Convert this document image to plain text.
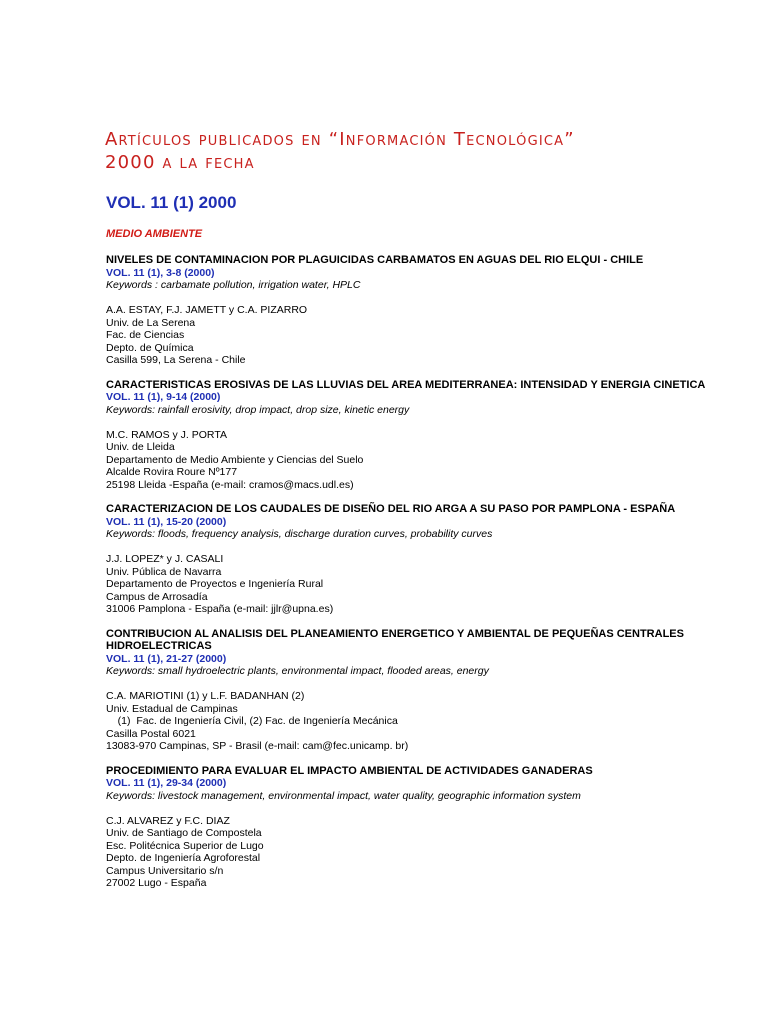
Artículos publicados en “Información Tecnológica”
2000 a la fecha
VOL. 11 (1) 2000
MEDIO AMBIENTE
NIVELES DE CONTAMINACION POR PLAGUICIDAS CARBAMATOS EN AGUAS DEL RIO ELQUI - CHILE
VOL. 11 (1), 3-8 (2000)
Keywords : carbamate pollution, irrigation water, HPLC
A.A. ESTAY, F.J. JAMETT y C.A. PIZARRO
Univ. de La Serena
Fac. de Ciencias
Depto. de Química
Casilla 599, La Serena - Chile
CARACTERISTICAS EROSIVAS DE LAS LLUVIAS DEL AREA MEDITERRANEA: INTENSIDAD Y ENERGIA CINETICA
VOL. 11 (1), 9-14 (2000)
Keywords: rainfall erosivity, drop impact, drop size, kinetic energy
M.C. RAMOS y J. PORTA
Univ. de Lleida
Departamento de Medio Ambiente y Ciencias del Suelo
Alcalde Rovira Roure Nº177
25198 Lleida -España (e-mail: cramos@macs.udl.es)
CARACTERIZACION DE LOS CAUDALES DE DISEÑO DEL RIO ARGA A SU PASO POR PAMPLONA - ESPAÑA
VOL. 11 (1), 15-20 (2000)
Keywords: floods, frequency analysis, discharge duration curves, probability curves
J.J. LOPEZ* y J. CASALI
Univ. Pública de Navarra
Departamento de Proyectos e Ingeniería Rural
Campus de Arrosadía
31006 Pamplona - España (e-mail: jjlr@upna.es)
CONTRIBUCION AL ANALISIS DEL PLANEAMIENTO ENERGETICO Y AMBIENTAL DE PEQUEÑAS CENTRALES HIDROELECTRICAS
VOL. 11 (1), 21-27 (2000)
Keywords: small hydroelectric plants, environmental impact, flooded areas, energy
C.A. MARIOTINI (1) y L.F. BADANHAN (2)
Univ. Estadual de Campinas
(1)  Fac. de Ingeniería Civil, (2) Fac. de Ingeniería Mecánica
Casilla Postal 6021
13083-970 Campinas, SP - Brasil (e-mail: cam@fec.unicamp. br)
PROCEDIMIENTO PARA EVALUAR EL IMPACTO AMBIENTAL DE ACTIVIDADES GANADERAS
VOL. 11 (1), 29-34 (2000)
Keywords: livestock management, environmental impact, water quality, geographic information system
C.J. ALVAREZ y F.C. DIAZ
Univ. de Santiago de Compostela
Esc. Politécnica Superior de Lugo
Depto. de Ingeniería Agroforestal
Campus Universitario s/n
27002 Lugo - España
